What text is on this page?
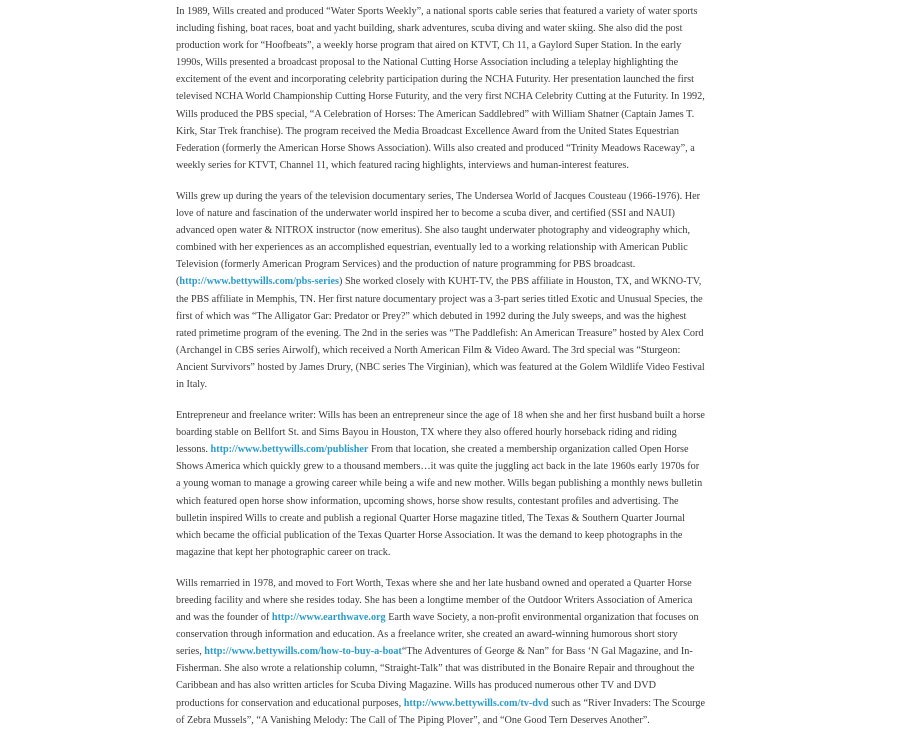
In 1989, Wills created and produced “Water Sports Weekly”, a national sports cable series that featured a variety of water sports including fishing, boat races, boat and yacht building, shark adventures, scuba diving and water skiing. She also did the post production work for “Hoofbeats”, a weekly horse program that aired on KTVT, Ch 11, a Gaylord Super Station. In the early 1990s, Wills presented a broadcast proposal to the National Cutting Horse Association including a teleplay highlighting the excitement of the event and incorporating celebrity participation during the NCHA Futurity. Her presentation launched the first televised NCHA World Championship Cutting Horse Futurity, and the very first NCHA Celebrity Cutting at the Futurity. In 1992, Wills produced the PBS special, “A Celebration of Horses: The American Saddlebred” with William Shatner (Captain James T. Kirk, Star Trek franchise). The program received the Media Broadcast Excellence Award from the United States Equestrian Federation (formerly the American Horse Shows Association). Wills also created and produced “Trinity Meadows Raceway”, a weekly series for KTVT, Channel 11, which featured racing highlights, interviews and human-interest features.

Wills grew up during the years of the television documentary series, The Undersea World of Jacques Cousteau (1966-1976). Her love of nature and fascination of the underwater world inspired her to become a scuba diver, and certified (SSI and NAUI) advanced open water & NITROX instructor (now emeritus). She also taught underwater photography and videography which, combined with her experiences as an accomplished equestrian, eventually led to a working relationship with American Public Television (formerly American Program Services) and the production of nature programming for PBS broadcast. (http://www.bettywills.com/pbs-series) She worked closely with KUHT-TV, the PBS affiliate in Houston, TX, and WKNO-TV, the PBS affiliate in Memphis, TN. Her first nature documentary project was a 3-part series titled Exotic and Unusual Species, the first of which was “The Alligator Gar: Predator or Prey?” which debuted in 1992 during the July sweeps, and was the highest rated primetime program of the evening. The 2nd in the series was “The Paddlefish: An American Treasure” hosted by Alex Cord (Archangel in CBS series Airwolf), which received a North American Film & Video Award. The 3rd special was “Sturgeon: Ancient Survivors” hosted by James Drury, (NBC series The Virginian), which was featured at the Golem Wildlife Video Festival in Italy.

Entrepreneur and freelance writer: Wills has been an entrepreneur since the age of 18 when she and her first husband built a horse boarding stable on Bellfort St. and Sims Bayou in Houston, TX where they also offered hourly horseback riding and riding lessons. http://www.bettywills.com/publisher From that location, she created a membership organization called Open Horse Shows America which quickly grew to a thousand members…it was quite the juggling act back in the late 1960s early 1970s for a young woman to manage a growing career while being a wife and new mother. Wills began publishing a monthly news bulletin which featured open horse show information, upcoming shows, horse show results, contestant profiles and advertising. The bulletin inspired Wills to create and publish a regional Quarter Horse magazine titled, The Texas & Southern Quarter Journal which became the official publication of the Texas Quarter Horse Association. It was the demand to keep photographs in the magazine that kept her photographic career on track.

Wills remarried in 1978, and moved to Fort Worth, Texas where she and her late husband owned and operated a Quarter Horse breeding facility and where she resides today. She has been a longtime member of the Outdoor Writers Association of America and was the founder of http://www.earthwave.org Earth wave Society, a non-profit environmental organization that focuses on conservation through information and education. As a freelance writer, she created an award-winning humorous short story series, http://www.bettywills.com/how-to-buy-a-boat“The Adventures of George & Nan” for Bass ‘N Gal Magazine, and In-Fisherman. She also wrote a relationship column, “Straight-Talk” that was distributed in the Bonaire Repair and throughout the Caribbean and has also written articles for Scuba Diving Magazine. Wills has produced numerous other TV and DVD productions for conservation and educational purposes, http://www.bettywills.com/tv-dvd such as “River Invaders: The Scourge of Zebra Mussels”, “A Vanishing Melody: The Call of The Piping Plover”, and “One Good Tern Deserves Another”.
